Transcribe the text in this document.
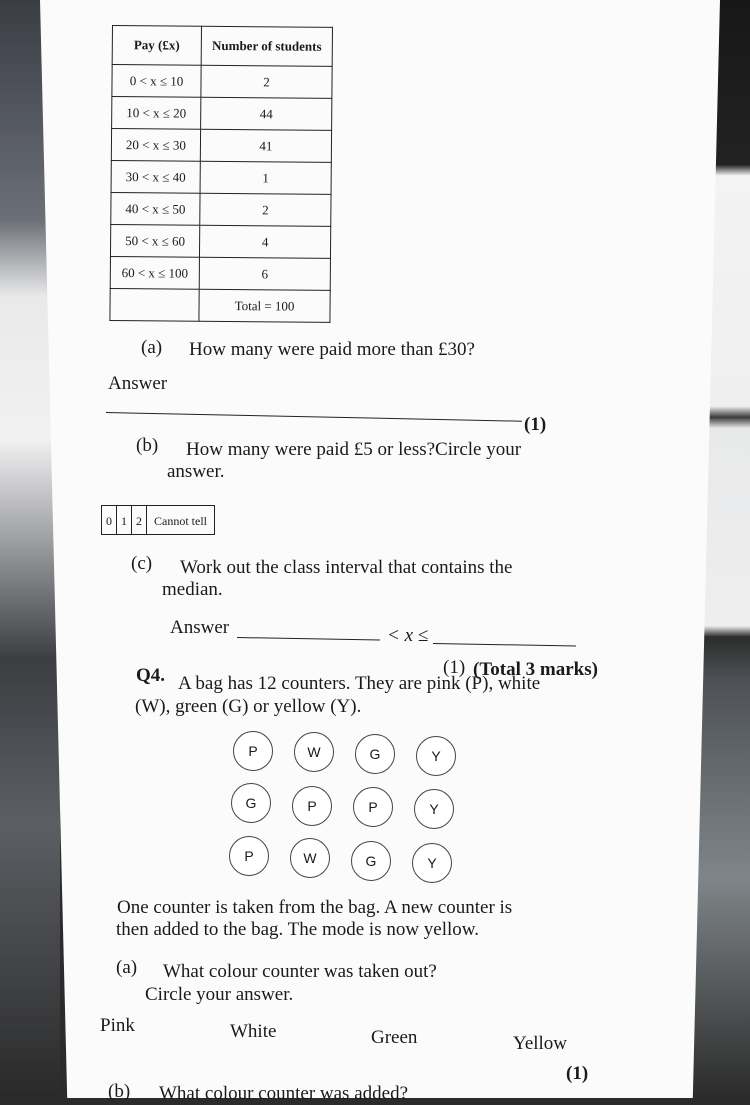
Pay (£x)	Number of students
0 < x ≤ 10	2
10 < x ≤ 20	44
20 < x ≤ 30	41
30 < x ≤ 40	1
40 < x ≤ 50	2
50 < x ≤ 60	4
60 < x ≤ 100	6
	Total = 100
(a) How many were paid more than £30?
Answer
(1)
(b) How many were paid £5 or less?Circle your
answer.
0 1 2	Cannot tell
(c) Work out the class interval that contains the
median.
Answer	< x ≤
(1) (Total 3 marks)
Q4. A bag has 12 counters. They are pink (P), white
(W), green (G) or yellow (Y).
P	W	G	Y
G	P	P	Y
P	W	G	Y
One counter is taken from the bag. A new counter is
then added to the bag. The mode is now yellow.
(a) What colour counter was taken out?
Circle your answer.
Pink	White	Green	Yellow
(1)
(b) What colour counter was added?
